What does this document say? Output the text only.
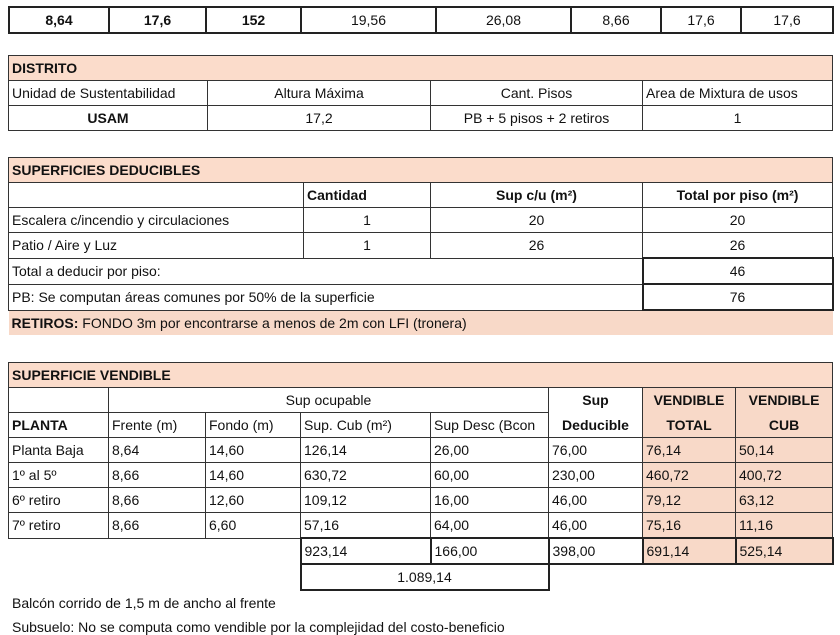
8,64	17,6	152	19,56	26,08	8,66	17,6	17,6
DISTRITO			
Unidad de Sustentabilidad	Altura Máxima	Cant. Pisos	Area de Mixtura de usos
USAM	17,2	PB + 5 pisos + 2 retiros	1
SUPERFICIES DEDUCIBLES			
	Cantidad	Sup c/u (m²)	Total por piso (m²)
Escalera c/incendio y circulaciones	1	20	20
Patio / Aire y Luz	1	26	26
Total a deducir por piso:			46
PB: Se computan áreas comunes por 50% de la superficie			76
RETIROS: FONDO 3m por encontrarse a menos de 2m con LFI (tronera)			
SUPERFICIE VENDIBLE							
	Sup ocupable				Sup	VENDIBLE	VENDIBLE
PLANTA	Frente (m)	Fondo (m)	Sup. Cub (m²)	Sup Desc (Bcon	Deducible	TOTAL	CUB
Planta Baja	8,64	14,60	126,14	26,00	76,00	76,14	50,14
1º al 5º	8,66	14,60	630,72	60,00	230,00	460,72	400,72
6º retiro	8,66	12,60	109,12	16,00	46,00	79,12	63,12
7º retiro	8,66	6,60	57,16	64,00	46,00	75,16	11,16
			923,14	166,00	398,00	691,14	525,14
			1.089,14				
Balcón corrido de 1,5 m de ancho al frente
Subsuelo: No se computa como vendible por la complejidad del costo-beneficio
